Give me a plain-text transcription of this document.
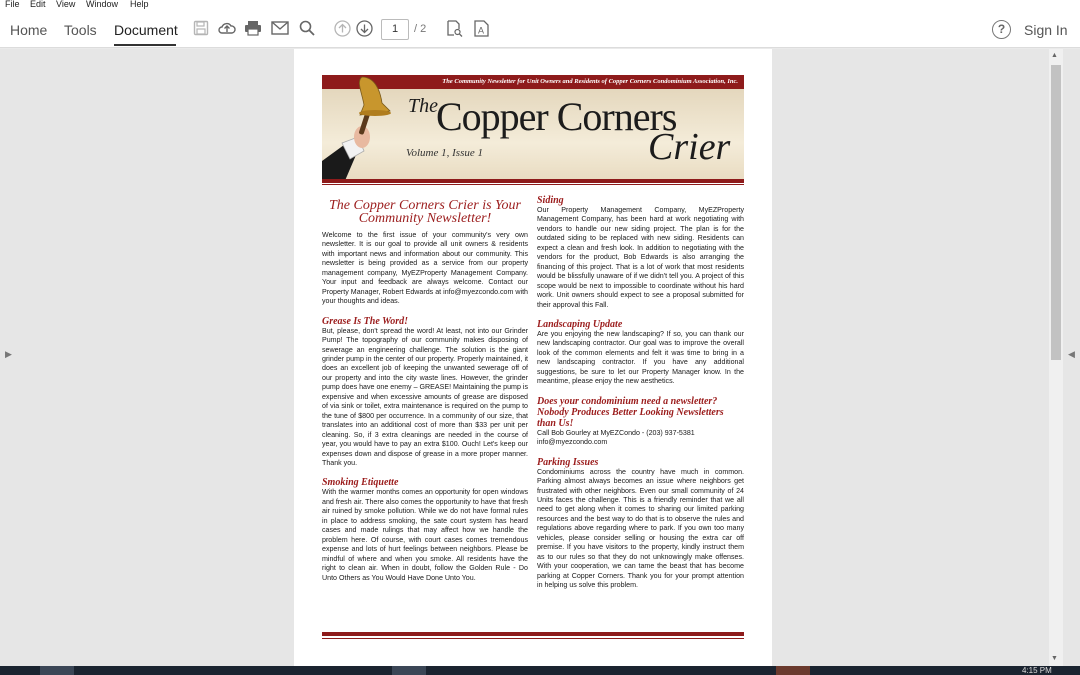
File Edit View Window Help
Home Tools Document	1	/ 2	A	?	Sign In
▶	◀
▲
▼
The Community Newsletter for Unit Owners and Residents of Copper Corners Condominium Association, Inc.
The
Copper Corners
Crier
Volume 1, Issue 1
The Copper Corners Crier is Your Community Newsletter!

Welcome to the first issue of your community's very own newsletter. It is our goal to provide all unit owners & residents with important news and information about our community. This newsletter is being provided as a service from our property management company, MyEZProperty Management Company. Your input and feedback are always welcome. Contact our Property Manager, Robert Edwards at info@myezcondo.com with your thoughts and ideas.

Grease Is The Word!

But, please, don't spread the word! At least, not into our Grinder Pump! The topography of our community makes disposing of sewerage an engineering challenge. The solution is the giant grinder pump in the center of our property. Properly maintained, it does an excellent job of keeping the unwanted sewerage off of our property and into the city waste lines. However, the grinder pump does have one enemy – GREASE! Maintaining the pump is expensive and when excessive amounts of grease are disposed of via sink or toilet, extra maintenance is required on the pump to the tune of $800 per occurrence. In a community of our size, that translates into an additional cost of more than $33 per unit per cleaning. So, if 3 extra cleanings are needed in the course of year, you would have to pay an extra $100. Ouch! Let's keep our expenses down and dispose of grease in a more proper manner. Thank you.

Smoking Etiquette

With the warmer months comes an opportunity for open windows and fresh air. There also comes the opportunity to have that fresh air ruined by smoke pollution. While we do not have formal rules in place to address smoking, the sate court system has heard cases and made rulings that may affect how we handle the problem here. Of course, with court cases comes tremendous expense and lots of hurt feelings between neighbors. Please be mindful of where and when you smoke. All residents have the right to clean air. When in doubt, follow the Golden Rule - Do Unto Others as You Would Have Done Unto You.

Siding

Our Property Management Company, MyEZProperty Management Company, has been hard at work negotiating with vendors to handle our new siding project. The plan is for the outdated siding to be replaced with new siding. Residents can expect a clean and fresh look. In addition to negotiating with the vendors for the product, Bob Edwards is also arranging the financing of this project. That is a lot of work that most residents would be blissfully unaware of if we didn't tell you. A project of this scope would be next to impossible to coordinate without his hard work. Unit owners should expect to see a proposal submitted for their approval this Fall.

Landscaping Update

Are you enjoying the new landscaping? If so, you can thank our new landscaping contractor. Our goal was to improve the overall look of the common elements and felt it was time to bring in a new landscaping contractor. If you have any additional suggestions, be sure to let our Property Manager know. In the meantime, please enjoy the new aesthetics.

Does your condominium need a newsletter? Nobody Produces Better Looking Newsletters than Us!

Call Bob Gourley at MyEZCondo - (203) 937-5381

info@myezcondo.com

Parking Issues

Condominiums across the country have much in common. Parking almost always becomes an issue where neighbors get frustrated with other neighbors. Even our small community of 24 Units faces the challenge. This is a friendly reminder that we all need to get along when it comes to sharing our limited parking resources and the best way to do that is to observe the rules and regulations above regarding where to park. If you own too many vehicles, please consider selling or housing the extra car off premise. If you have visitors to the property, kindly instruct them as to our rules so that they do not unknowingly make offenses. With your cooperation, we can tame the beast that has become parking at Copper Corners. Thank you for your prompt attention in helping us solve this problem.

4:15 PM
